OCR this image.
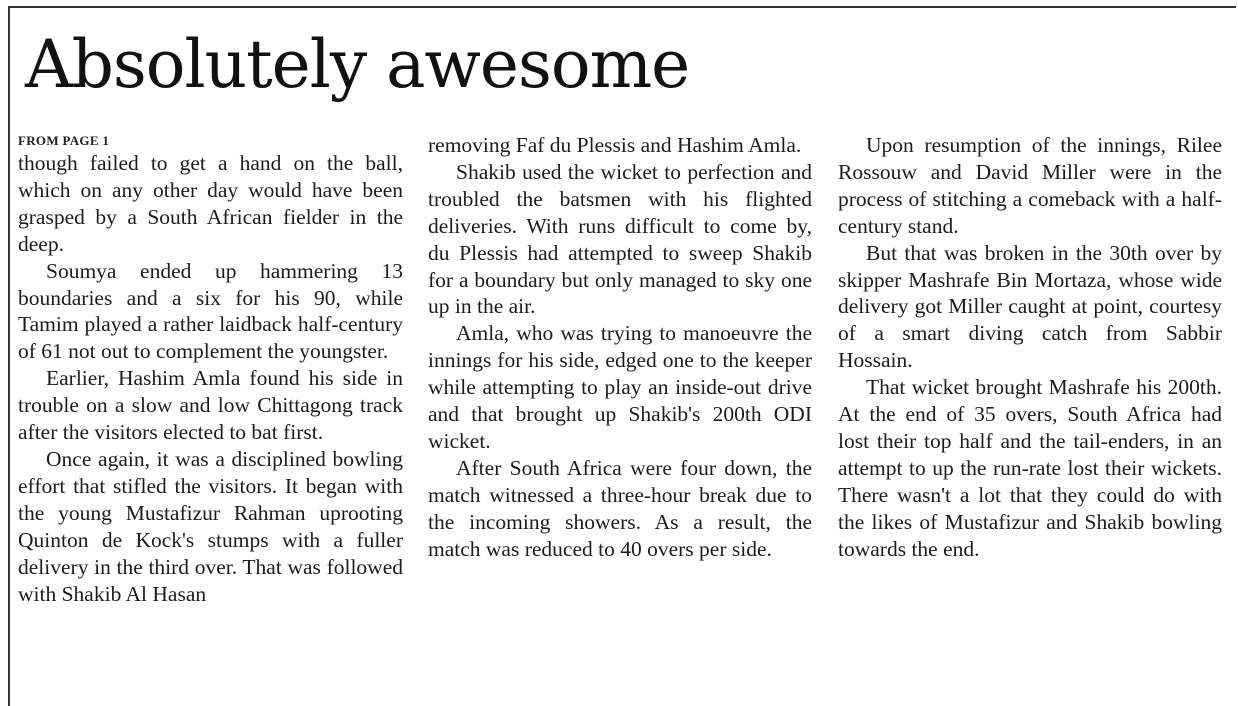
Absolutely awesome
FROM PAGE 1

though failed to get a hand on the ball, which on any other day would have been grasped by a South African fielder in the deep.

Soumya ended up hammering 13 boundaries and a six for his 90, while Tamim played a rather laidback half-century of 61 not out to complement the youngster.

Earlier, Hashim Amla found his side in trouble on a slow and low Chittagong track after the visitors elected to bat first.

Once again, it was a disciplined bowling effort that stifled the visitors. It began with the young Mustafizur Rahman uprooting Quinton de Kock's stumps with a fuller delivery in the third over. That was followed with Shakib Al Hasan

removing Faf du Plessis and Hashim Amla.

Shakib used the wicket to perfection and troubled the batsmen with his flighted deliveries. With runs difficult to come by, du Plessis had attempted to sweep Shakib for a boundary but only managed to sky one up in the air.

Amla, who was trying to manoeuvre the innings for his side, edged one to the keeper while attempting to play an inside-out drive and that brought up Shakib's 200th ODI wicket.

After South Africa were four down, the match witnessed a three-hour break due to the incoming showers. As a result, the match was reduced to 40 overs per side.

Upon resumption of the innings, Rilee Rossouw and David Miller were in the process of stitching a comeback with a half-century stand.

But that was broken in the 30th over by skipper Mashrafe Bin Mortaza, whose wide delivery got Miller caught at point, courtesy of a smart diving catch from Sabbir Hossain.

That wicket brought Mashrafe his 200th. At the end of 35 overs, South Africa had lost their top half and the tail-enders, in an attempt to up the run-rate lost their wickets. There wasn't a lot that they could do with the likes of Mustafizur and Shakib bowling towards the end.
